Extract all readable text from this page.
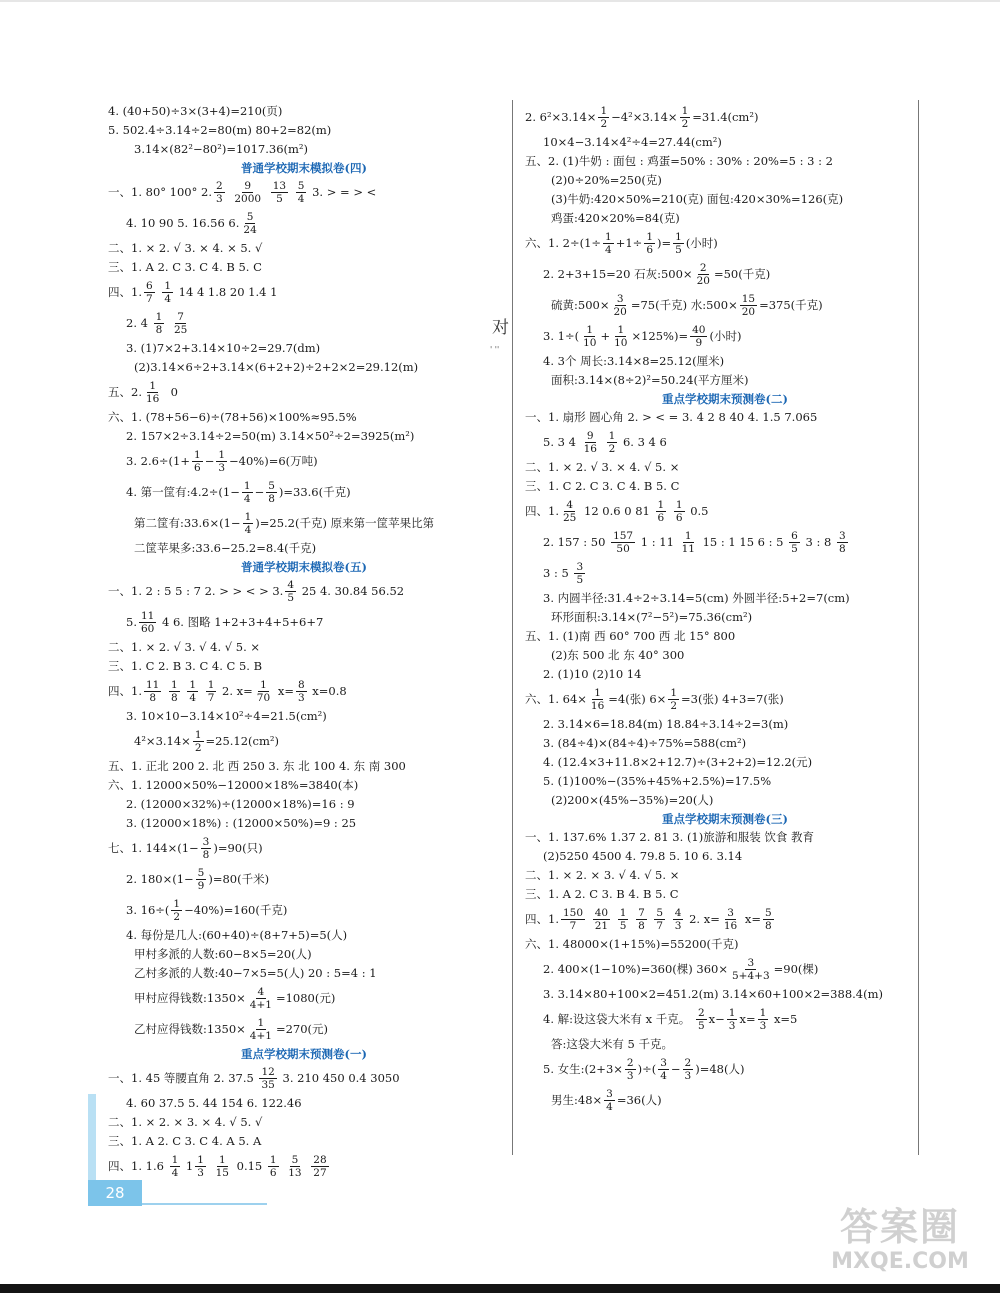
对
' ''
4. (40+50)÷3×(3+4)=210(页)
5. 502.4÷3.14÷2=80(m) 80+2=82(m)
3.14×(82²−80²)=1017.36(m²)
普通学校期末模拟卷(四)
一、1. 80° 100° 2. 2
3

9
2000

13
5

5
4
3. > = > <
4. 10 90 5. 16.56 6. 5
24
二、1. × 2. √ 3. × 4. × 5. √
三、1. A 2. C 3. C 4. B 5. C
四、1. 6
7

1
4
14 4 1.8 20 1.4 1
2. 4
1
8

7
25
3. (1)7×2+3.14×10÷2=29.7(dm)
(2)3.14×6÷2+3.14×(6+2+2)÷2+2×2=29.12(m)
五、2. 1
16
0
六、1. (78+56−6)÷(78+56)×100%≈95.5%
2. 157×2÷3.14÷2=50(m) 3.14×50²÷2=3925(m²)
3. $2.6\div(1+ \frac{1}{6} - \frac{1}{3} -40\%)=6$(万吨)
4. 第一筐有:4.2÷(1− $\frac{1}{4} - \frac{5}{8} )=33.6$(千克)
第二筐有:33.6×(1− $\frac{1}{4} )=25.2$(千克) 原来第一筐苹果比第
二筐苹果多:33.6−25.2=8.4(千克)
普通学校期末模拟卷(五)
一、1. 2 : 5 5 : 7 2. > > < > 3. 4
5
25 4. 30.84 56.52
5. 11
60
4 6. 图略 1+2+3+4+5+6+7
二、1. × 2. √ 3. √ 4. √ 5. ×
三、1. C 2. B 3. C 4. C 5. B
四、1. 11
8

1
8

1
4

1
7
2. $x= \frac{1}{70}$
$x= \frac{8}{3}$
x=0.8
3. 10×10−3.14×10²÷4=21.5(cm²)
$4^2\times 3.14\times \frac{1}{2} =25.12(cm^2)$
五、1. 正北 200 2. 北 西 250 3. 东 北 100 4. 东 南 300
六、1. 12000×50%−12000×18%=3840(本)
2. (12000×32%)÷(12000×18%)=16 : 9
3. (12000×18%) : (12000×50%)=9 : 25
七、1. $144\times(1- \frac{3}{8} )=90$(只)
2. $180\times(1- \frac{5}{9} )=80$(千米)
3. 16÷( 1
2 −40%)=160(千克)
4. 每份是几人:(60+40)÷(8+7+5)=5(人)
甲村多派的人数:60−8×5=20(人)
乙村多派的人数:40−7×5=5(人) 20 : 5=4 : 1
甲村应得钱数:1350× $\frac{4}{4+1} =1080$(元)
乙村应得钱数:1350× $\frac{1}{4+1} =270$(元)
重点学校期末预测卷(一)
一、1. 45 等腰直角 2. 37.5
12
35
3. 210 450 0.4 3050
4. 60 37.5 5. 44 154 6. 122.46
二、1. × 2. × 3. × 4. √ 5. √
三、1. A 2. C 3. C 4. A 5. A
四、1. 1.6
1
4
1 1
3

1
15
0.15
1
6

5
13

28
27
2. $6^2\times 3.14\times \frac{1}{2} -4^2\times 3.14\times \frac{1}{2} =31.4(cm^2)$
10×4−3.14×4²÷4=27.44(cm²)
五、2. (1)牛奶 : 面包 : 鸡蛋=50% : 30% : 20%=5 : 3 : 2
(2)0÷20%=250(克)
(3)牛奶:420×50%=210(克) 面包:420×30%=126(克)
鸡蛋:420×20%=84(克)
六、1. $2\div(1\div \frac{1}{4} +1\div \frac{1}{6}$ )= $\frac{1}{5}$ (小时)
2. 2+3+15=20 石灰:500× $\frac{2}{20} =50$(千克)
硫黄:500× $\frac{3}{20} =75$(千克) 水:500× $\frac{15}{20} =375$(千克)
3. 1÷( 1
$10 + \frac{1}{10} \times 125\%)= \frac{40}{9}$ (小时)
4. 3个 周长:3.14×8=25.12(厘米)
面积:3.14×(8÷2)²=50.24(平方厘米)
重点学校期末预测卷(二)
一、1. 扇形 圆心角 2. > < = 3. 4 2 8 40 4. 1.5 7.065
5. 3 4
9
16

1
2
6. 3 4 6
二、1. × 2. √ 3. × 4. √ 5. ×
三、1. C 2. C 3. C 4. B 5. C
四、1. 4
25
12 0.6 0 81
1
6

1
6
0.5
2. 157 : 50
157
50
1 : 11
1
11
15 : 1 15 6 : 5
6
5
3 : 8
3
8
3 : 5
3
5
3. 内圆半径:31.4÷2÷3.14=5(cm) 外圆半径:5+2=7(cm)
环形面积:3.14×(7²−5²)=75.36(cm²)
五、1. (1)南 西 60° 700 西 北 15° 800
(2)东 500 北 东 40° 300
2. (1)10 (2)10 14
六、1. $64\times \frac{1}{16} =4$(张) $6\times \frac{1}{2} =3$(张) 4+3=7(张)
2. 3.14×6=18.84(m) 18.84÷3.14÷2=3(m)
3. (84÷4)×(84÷4)÷75%=588(cm²)
4. (12.4×3+11.8×2+12.7)÷(3+2+2)=12.2(元)
5. (1)100%−(35%+45%+2.5%)=17.5%
(2)200×(45%−35%)=20(人)
重点学校期末预测卷(三)
一、1. 137.6% 1.37 2. 81 3. (1)旅游和服装 饮食 教育
(2)5250 4500 4. 79.8 5. 10 6. 3.14
二、1. × 2. × 3. √ 4. √ 5. ×
三、1. A 2. C 3. B 4. B 5. C
四、1. 150
7

40
21

1
5

7
8

5
7

4
3
2. $x= \frac{3}{16}$
$x= \frac{5}{8}$
六、1. 48000×(1+15%)=55200(千克)
2. 400×(1−10%)=360(棵) $360\times \frac{3}{5+4+3} =90$(棵)
3. 3.14×80+100×2=451.2(m) 3.14×60+100×2=388.4(m)
4. 解:设这袋大米有 x 千克。
2
5 $x- \frac{1}{3} x= \frac{1}{3}$
x=5
答:这袋大米有 5 千克。
5. 女生:(2+3× $\frac{2}{3}$ )÷( 3
$4 - \frac{2}{3} )=48$(人)
男生:48× $\frac{3}{4} =36$(人)
28
答案圈
MXQE.COM
